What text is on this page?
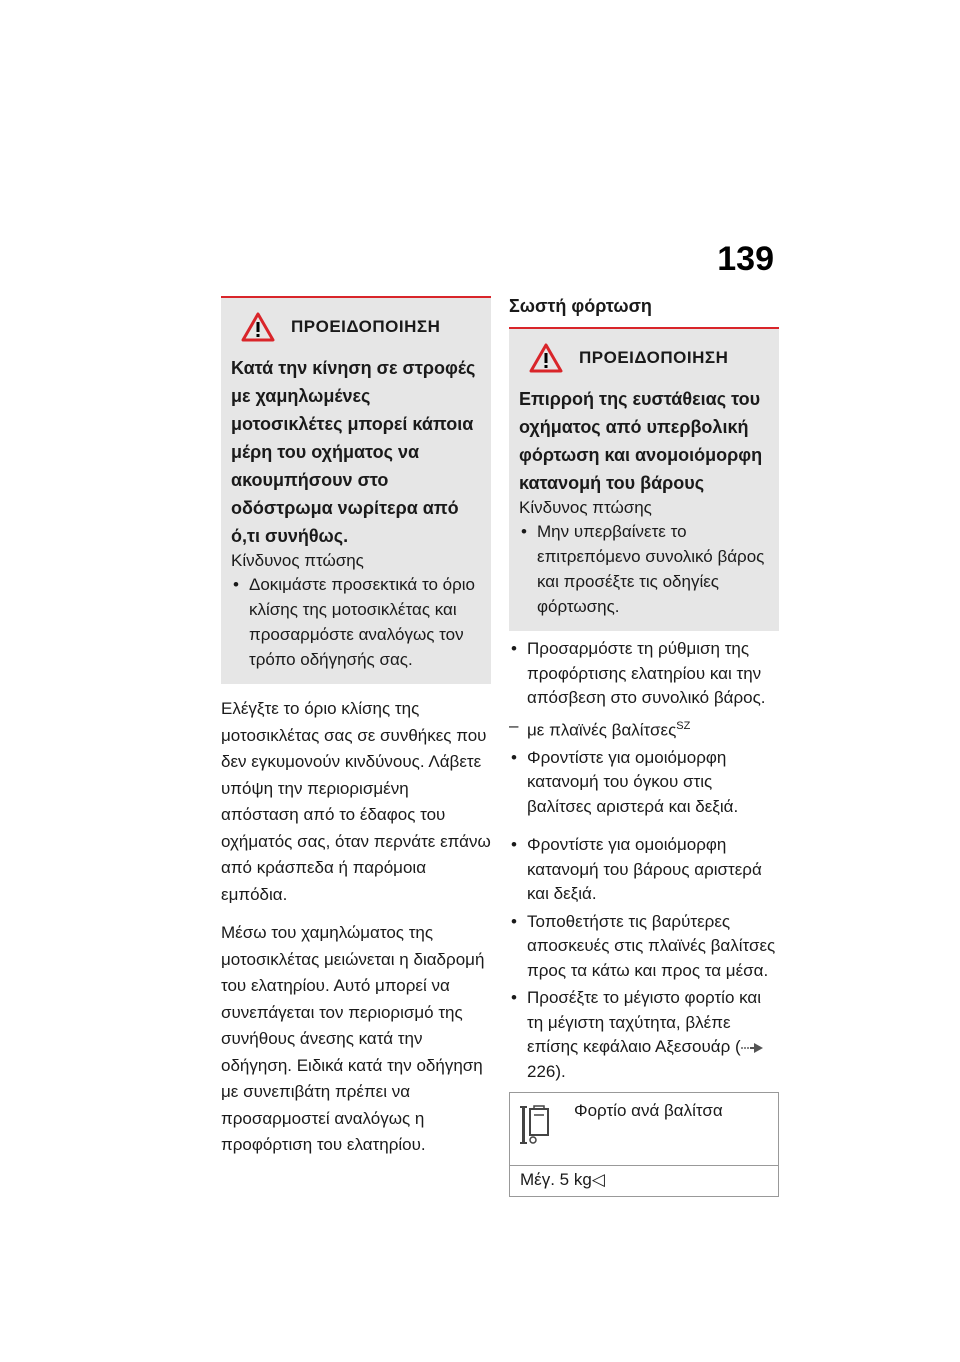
139
ΠΡΟΕΙΔΟΠΟΙΗΣΗ

Κατά την κίνηση σε στροφές με χαμηλωμένες μοτοσικλέτες μπορεί κάποια μέρη του οχήματος να ακουμπήσουν στο οδόστρωμα νωρίτερα από ό,τι συνήθως.

Κίνδυνος πτώσης

• Δοκιμάστε προσεκτικά το όριο κλίσης της μοτοσικλέτας και προσαρμόστε αναλόγως τον τρόπο οδήγησής σας.

Ελέγξτε το όριο κλίσης της μοτοσικλέτας σας σε συνθήκες που δεν εγκυμονούν κινδύνους. Λάβετε υπόψη την περιορισμένη απόσταση από το έδαφος του οχήματός σας, όταν περνάτε επάνω από κράσπεδα ή παρόμοια εμπόδια.

Μέσω του χαμηλώματος της μοτοσικλέτας μειώνεται η διαδρομή του ελατηρίου. Αυτό μπορεί να συνεπάγεται τον περιορισμό της συνήθους άνεσης κατά την οδήγηση. Ειδικά κατά την οδήγηση με συνεπιβάτη πρέπει να προσαρμοστεί αναλόγως η προφόρτιση του ελατηρίου.

Σωστή φόρτωση
ΠΡΟΕΙΔΟΠΟΙΗΣΗ

Επιρροή της ευστάθειας του οχήματος από υπερβολική φόρτωση και ανομοιόμορφη κατανομή του βάρους

Κίνδυνος πτώσης

• Μην υπερβαίνετε το επιτρεπόμενο συνολικό βάρος και προσέξτε τις οδηγίες φόρτωσης.
• Προσαρμόστε τη ρύθμιση της προφόρτισης ελατηρίου και την απόσβεση στο συνολικό βάρος.
– με πλαϊνές βαλίτσες$^{SZ}$
• Φροντίστε για ομοιόμορφη κατανομή του όγκου στις βαλίτσες αριστερά και δεξιά.
• Φροντίστε για ομοιόμορφη κατανομή του βάρους αριστερά και δεξιά.
• Τοποθετήστε τις βαρύτερες αποσκευές στις πλαϊνές βαλίτσες προς τα κάτω και προς τα μέσα.
• Προσέξτε το μέγιστο φορτίο και τη μέγιστη ταχύτητα, βλέπε επίσης κεφάλαιο Αξεσουάρ ( 226).
Φορτίο ανά βαλίτσα
Μέγ. 5 kg◁
